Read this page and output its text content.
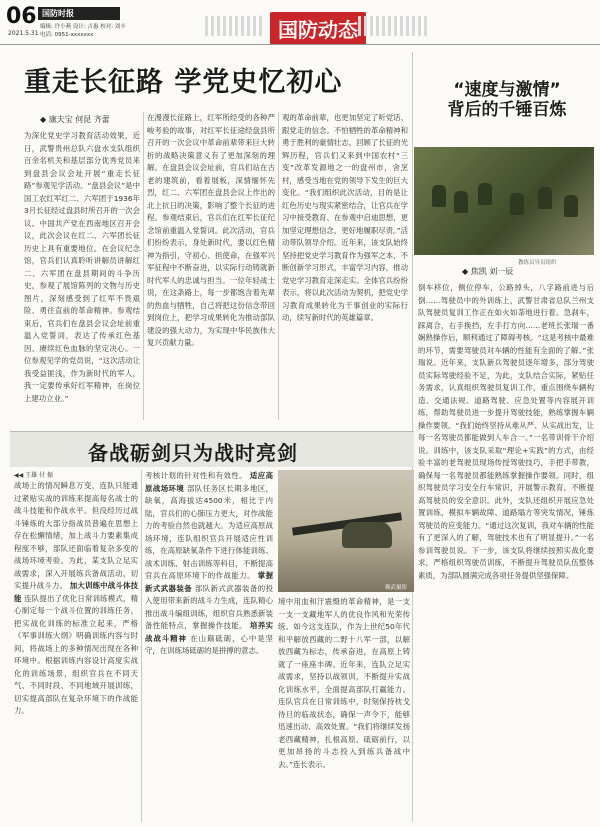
06
2021.5.31
国防时报
编辑: 许小燕 设计: 吉惠 校对: 刘丰
电话: 0951-xxxxxxx	国防动态
重走长征路 学党史忆初心
◆ 康夫宝 何昆 齐蕾
为深化党史学习教育活动效果，近日，武警贵州总队六盘水支队组织百余名机关和基层部分优秀党员来到盘县会议会址开展“重走长征路”参观见学活动。“盘县会议”是中国工农红军红二、六军团于1936年3月长征经过盘县时所召开的一次会议。中国共产党在西南地区召开会议，此次会议在红二、六军团长征历史上具有重要地位。在会议纪念馆，官兵们认真聆听讲解员讲解红二、六军团在盘县期间的斗争历史，参观了展馆陈列的文物与历史图片，深刻感受到了红军不畏艰险、勇往直前的革命精神。参观结束后，官兵们在盘县会议会址前重温入党誓词，表达了传承红色基因、赓续红色血脉的坚定决心。一位参观见学的党员说，“这次活动让我受益匪浅，作为新时代的军人，我一定要传承好红军精神，在岗位上建功立业。”
在漫漫长征路上，红军所经受的各种严峻考验的故事，对红军长征途经盘县所召开的一次会议中革命前辈带来巨大转折的战略决策意义有了更加深刻的理解。在盘县会议会址前，官兵们站在古老的建筑前，看着展板，深情缅怀先烈，红二、六军团在盘县会议上作出的北上抗日的决策，影响了整个长征的进程。参观结束后，官兵们在红军长征纪念馆前重温入党誓词。此次活动，官兵们纷纷表示，身处新时代，要以红色精神为指引，守初心、担使命，在强军兴军征程中不断奋进，以实际行动铸就新时代军人的忠诚与担当。一位年轻战士说，在这条路上，每一步都饱含着先辈的热血与牺牲，自己将把这份信念带回到岗位上，把学习成果转化为推动部队建设的强大动力，为实现中华民族伟大复兴贡献力量。
观的革命前辈，也更加坚定了听党话、跟党走的信念。不怕牺牲的革命精神和勇于胜利的豪情壮志，回顾了长征的光辉历程，官兵们又来到中国农村“三变”改革发源地之一的盘州市，舍烹村，感受当地在党的领导下发生的巨大变化。“我们组织此次活动，目的是让红色历史与现实紧密结合，让官兵在学习中接受教育、在参观中启迪思想，更加坚定理想信念，更好地履职尽责。”活动带队领导介绍。近年来，该支队始终坚持把党史学习教育作为强军之本，不断创新学习形式，丰富学习内容，推动党史学习教育走深走实。全体官兵纷纷表示，将以此次活动为契机，把党史学习教育成果转化为干事创业的实际行动，续写新时代的英雄篇章。
“速度与激情”
背后的千锤百炼
教练员导员组织
◆ 焦凯 刘一辰
倒车移位，侧位停车，公路掉头，八字路前进与后倒……驾驶员中的外训练上，武警甘肃省总队兰州支队驾驶员复训工作正在如火如荼地进行着。急刹车，踩离合，右手换挡，左手打方向……老班长张瑞一番娴熟操作后，顺利通过了障碍考核。“这是考核中最难的环节，需要驾驶员对车辆的性能有全面的了解。”张瑞说。近年来，支队新兵驾驶员逐年增多，部分驾驶员实际驾驶经验不足，为此，支队结合实际，紧贴任务需求，认真组织驾驶员复训工作，重点围绕车辆构造、交通法规、道路驾驶、应急处置等内容展开训练，帮助驾驶员进一步提升驾驶技能，熟练掌握车辆操作要领。“我们始终坚持从难从严、从实战出发，让每一名驾驶员都能做到人车合一。”一名带训骨干介绍说。训练中，该支队采取“理论+实践”的方式，由经验丰富的老驾驶员现场传授驾驶技巧，手把手带教，确保每一名驾驶员都能熟练掌握操作要领。同时，组织驾驶员学习安全行车常识，开展警示教育，不断提高驾驶员的安全意识。此外，支队还组织开展应急处置训练，模拟车辆故障、道路塌方等突发情况，锤炼驾驶员的应变能力。“通过这次复训，我对车辆的性能有了更深入的了解，驾驶技术也有了明显提升。”一名参训驾驶员说。下一步，该支队将继续按照实战化要求，严格组织驾驶员训练，不断提升驾驶员队伍整体素质，为部队圆满完成各项任务提供坚强保障。
备战砺剑只为战时亮剑
◀◀ 王雄 付 振
战场上的情况瞬息万变，连队只能通过紧贴实战的训练来提高每名战士的战斗技能和作战水平。但没经历过战斗锤炼的大部分指战员普遍在思想上存在松懈情绪，加上战斗力要素集成程度不够，部队还面临着复杂多变的战场环境考验。为此，某支队立足实战需求，深入开展练兵备战活动，切实提升战斗力。 加大训练中战斗体技能 连队提出了优化日常训练模式，精心制定每一个战斗位置的训练任务，把实战化训练的标准立起来，严格《军事训练大纲》明确训练内容与时间，将战场上的多种情况出现在各种环境中。根据训练内容设计高度实战化的训练场景，组织官兵在不同天气、不同时段、不同地域开展训练，切实提高部队在复杂环境下的作战能力。
考核计划的针对性和有效性。 适应高原战场环境 部队任务区长期多地区，缺氧，高海拔达4500米，相比于内陆，官兵们的心肺压力更大，对作战能力的考验自然也就越大。为适应高原战场环境，连队组织官兵开展适应性训练，在高原缺氧条件下进行体能训练、战术训练、射击训练等科目，不断提高官兵在高原环境下的作战能力。 掌握新式武器装备 部队新式武器装备的投入使用带来新的战斗力生成，连队精心推出战斗编组训练，组织官兵熟悉新装备性能特点，掌握操作技能。 培养实战战斗精神 在山巅砥砺，心中是坚守，在训练场砥砺的是拼搏的意志。
赖武摄影
境中用血和汗震慑的革命精神，是一支一支一支藏地军人的优良作风和光荣传统。如今这支连队，作为上世纪50年代和平解放西藏的二野十八军一部，以解放西藏为标志，传承奋进，在高原上铸就了一座座丰碑。近年来，连队立足实战需求，坚持以战领训，不断提升实战化训练水平，全面提高部队打赢能力。连队官兵在日常训练中，时刻保持枕戈待旦的临战状态，确保一声令下，能够迅速出动、高效处置。“我们将继续发扬老西藏精神，扎根高原、砥砺前行，以更加昂扬的斗志投入到练兵备战中去。”连长表示。
